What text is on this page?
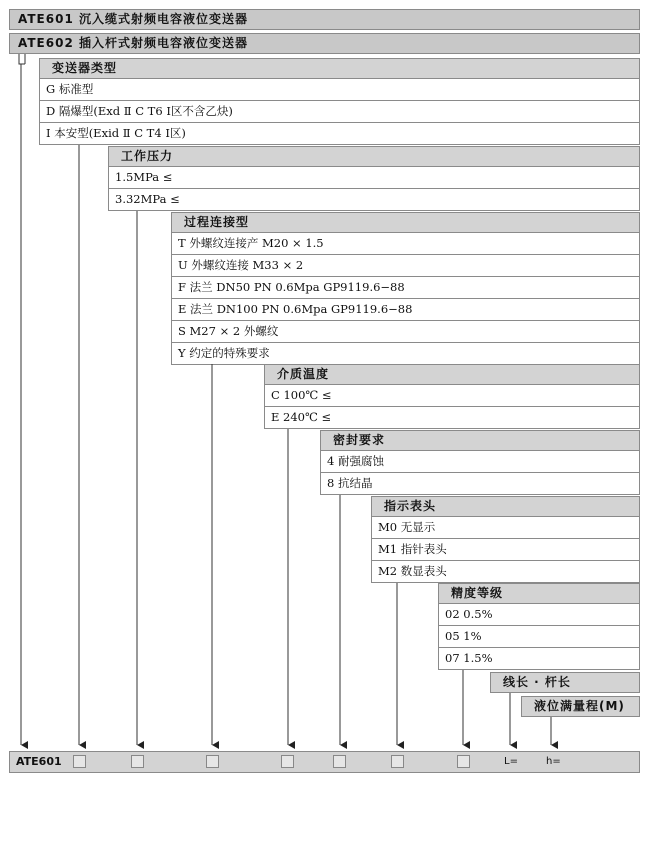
ATE601 沉入缆式射频电容液位变送器
ATE602 插入杆式射频电容液位变送器
变送器类型
G 标准型
D 隔爆型(Exd Ⅱ C T6 Ⅰ区不含乙炔)
I 本安型(Exid Ⅱ C T4 Ⅰ区)
工作压力
1.5MPa ≤
3.32MPa ≤
过程连接型
T 外螺纹连接产 M20 × 1.5
U 外螺纹连接 M33 × 2
F 法兰 DN50 PN 0.6Mpa GP9119.6−88
E 法兰 DN100 PN 0.6Mpa GP9119.6−88
S M27 × 2 外螺纹
Y 约定的特殊要求
介质温度
C 100℃ ≤
E 240℃ ≤
密封要求
4 耐强腐蚀
8 抗结晶
指示表头
M0 无显示
M1 指针表头
M2 数显表头
精度等级
02 0.5%
05 1%
07 1.5%
线长 · 杆长
液位满量程(M)
ATE601	L=	h=
